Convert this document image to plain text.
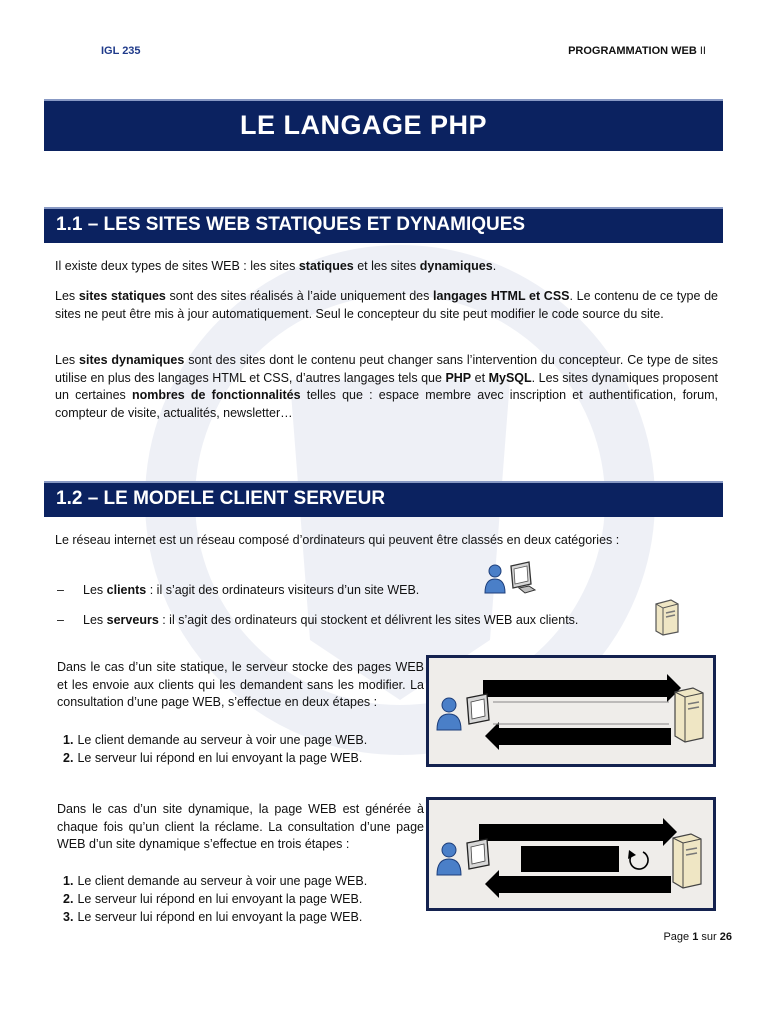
IGL 235	PROGRAMMATION WEB II
LE LANGAGE PHP
1.1 – LES SITES WEB STATIQUES ET DYNAMIQUES
Il existe deux types de sites WEB : les sites statiques et les sites dynamiques.
Les sites statiques sont des sites réalisés à l’aide uniquement des langages HTML et CSS. Le contenu de ce type de sites ne peut être mis à jour automatiquement. Seul le concepteur du site peut modifier le code source du site.
Les sites dynamiques sont des sites dont le contenu peut changer sans l’intervention du concepteur. Ce type de sites utilise en plus des langages HTML et CSS, d’autres langages tels que PHP et MySQL. Les sites dynamiques proposent un certaines nombres de fonctionnalités telles que : espace membre avec inscription et authentification, forum, compteur de visite, actualités, newsletter…
1.2 – LE MODELE CLIENT SERVEUR
Le réseau internet est un réseau composé d’ordinateurs qui peuvent être classés en deux catégories :
– Les clients : il s’agit des ordinateurs visiteurs d’un site WEB.
– Les serveurs : il s’agit des ordinateurs qui stockent et délivrent les sites WEB aux clients.
Dans le cas d’un site statique, le serveur stocke des pages WEB et les envoie aux clients qui les demandent sans les modifier. La consultation d’une page WEB, s’effectue en deux étapes :
1. Le client demande au serveur à voir une page WEB.
2. Le serveur lui répond en lui envoyant la page WEB.
Dans le cas d’un site dynamique, la page WEB est générée à chaque fois qu’un client la réclame. La consultation d’une page WEB d’un site dynamique s’effectue en trois étapes :
1. Le client demande au serveur à voir une page WEB.
2. Le serveur lui répond en lui envoyant la page WEB.
3. Le serveur lui répond en lui envoyant la page WEB.
Page 1 sur 26
